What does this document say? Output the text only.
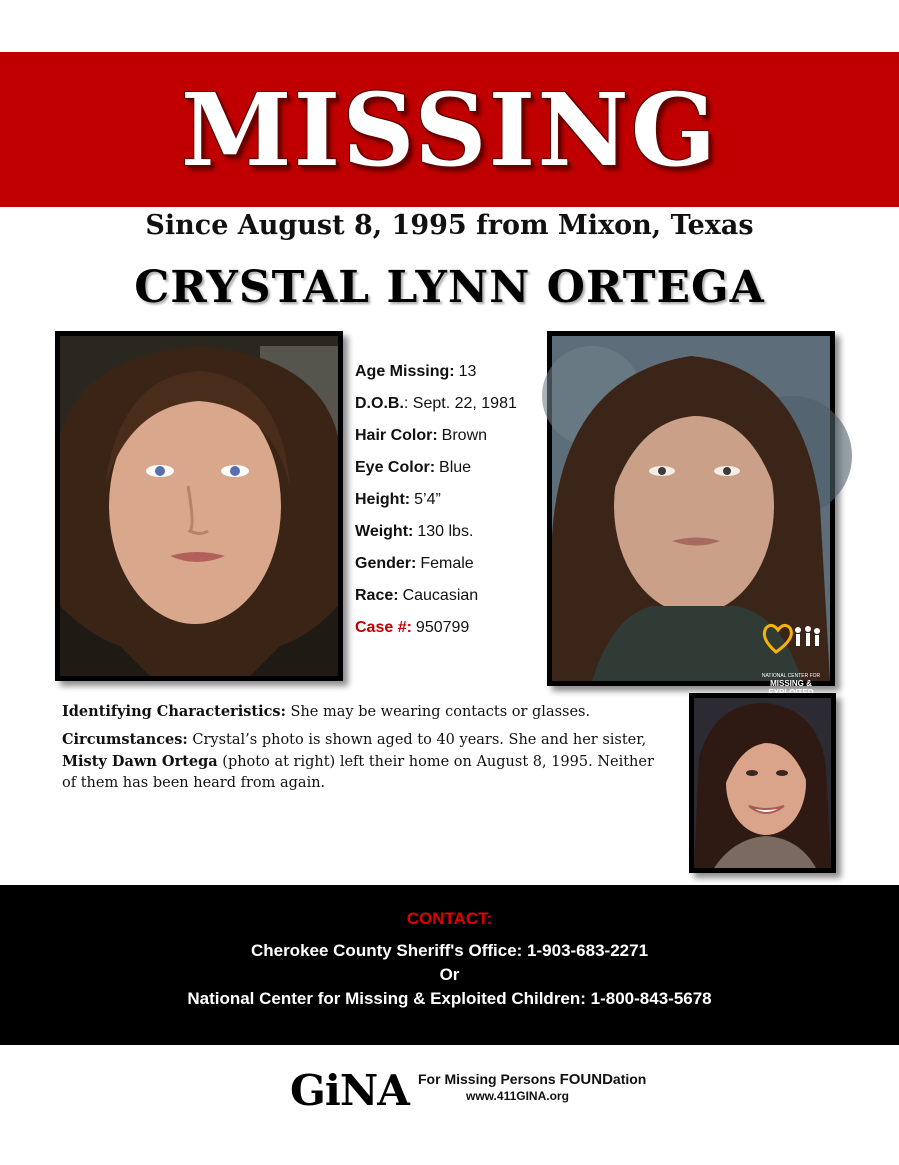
MISSING
Since August 8, 1995 from Mixon, Texas
CRYSTAL LYNN ORTEGA
Age Missing: 13
D.O.B.: Sept. 22, 1981
Hair Color: Brown
Eye Color: Blue
Height: 5’4”
Weight: 130 lbs.
Gender: Female
Race: Caucasian
Case #: 950799
NATIONAL CENTER FOR
MISSING &
EXPLOITED

Identifying Characteristics: She may be wearing contacts or glasses.

Circumstances: Crystal’s photo is shown aged to 40 years. She and her sister, Misty Dawn Ortega (photo at right) left their home on August 8, 1995. Neither of them has been heard from again.

CONTACT:
Cherokee County Sheriff's Office: 1-903-683-2271
Or
National Center for Missing & Exploited Children: 1-800-843-5678
GiNA For Missing Persons FOUNDation
www.411GINA.org
